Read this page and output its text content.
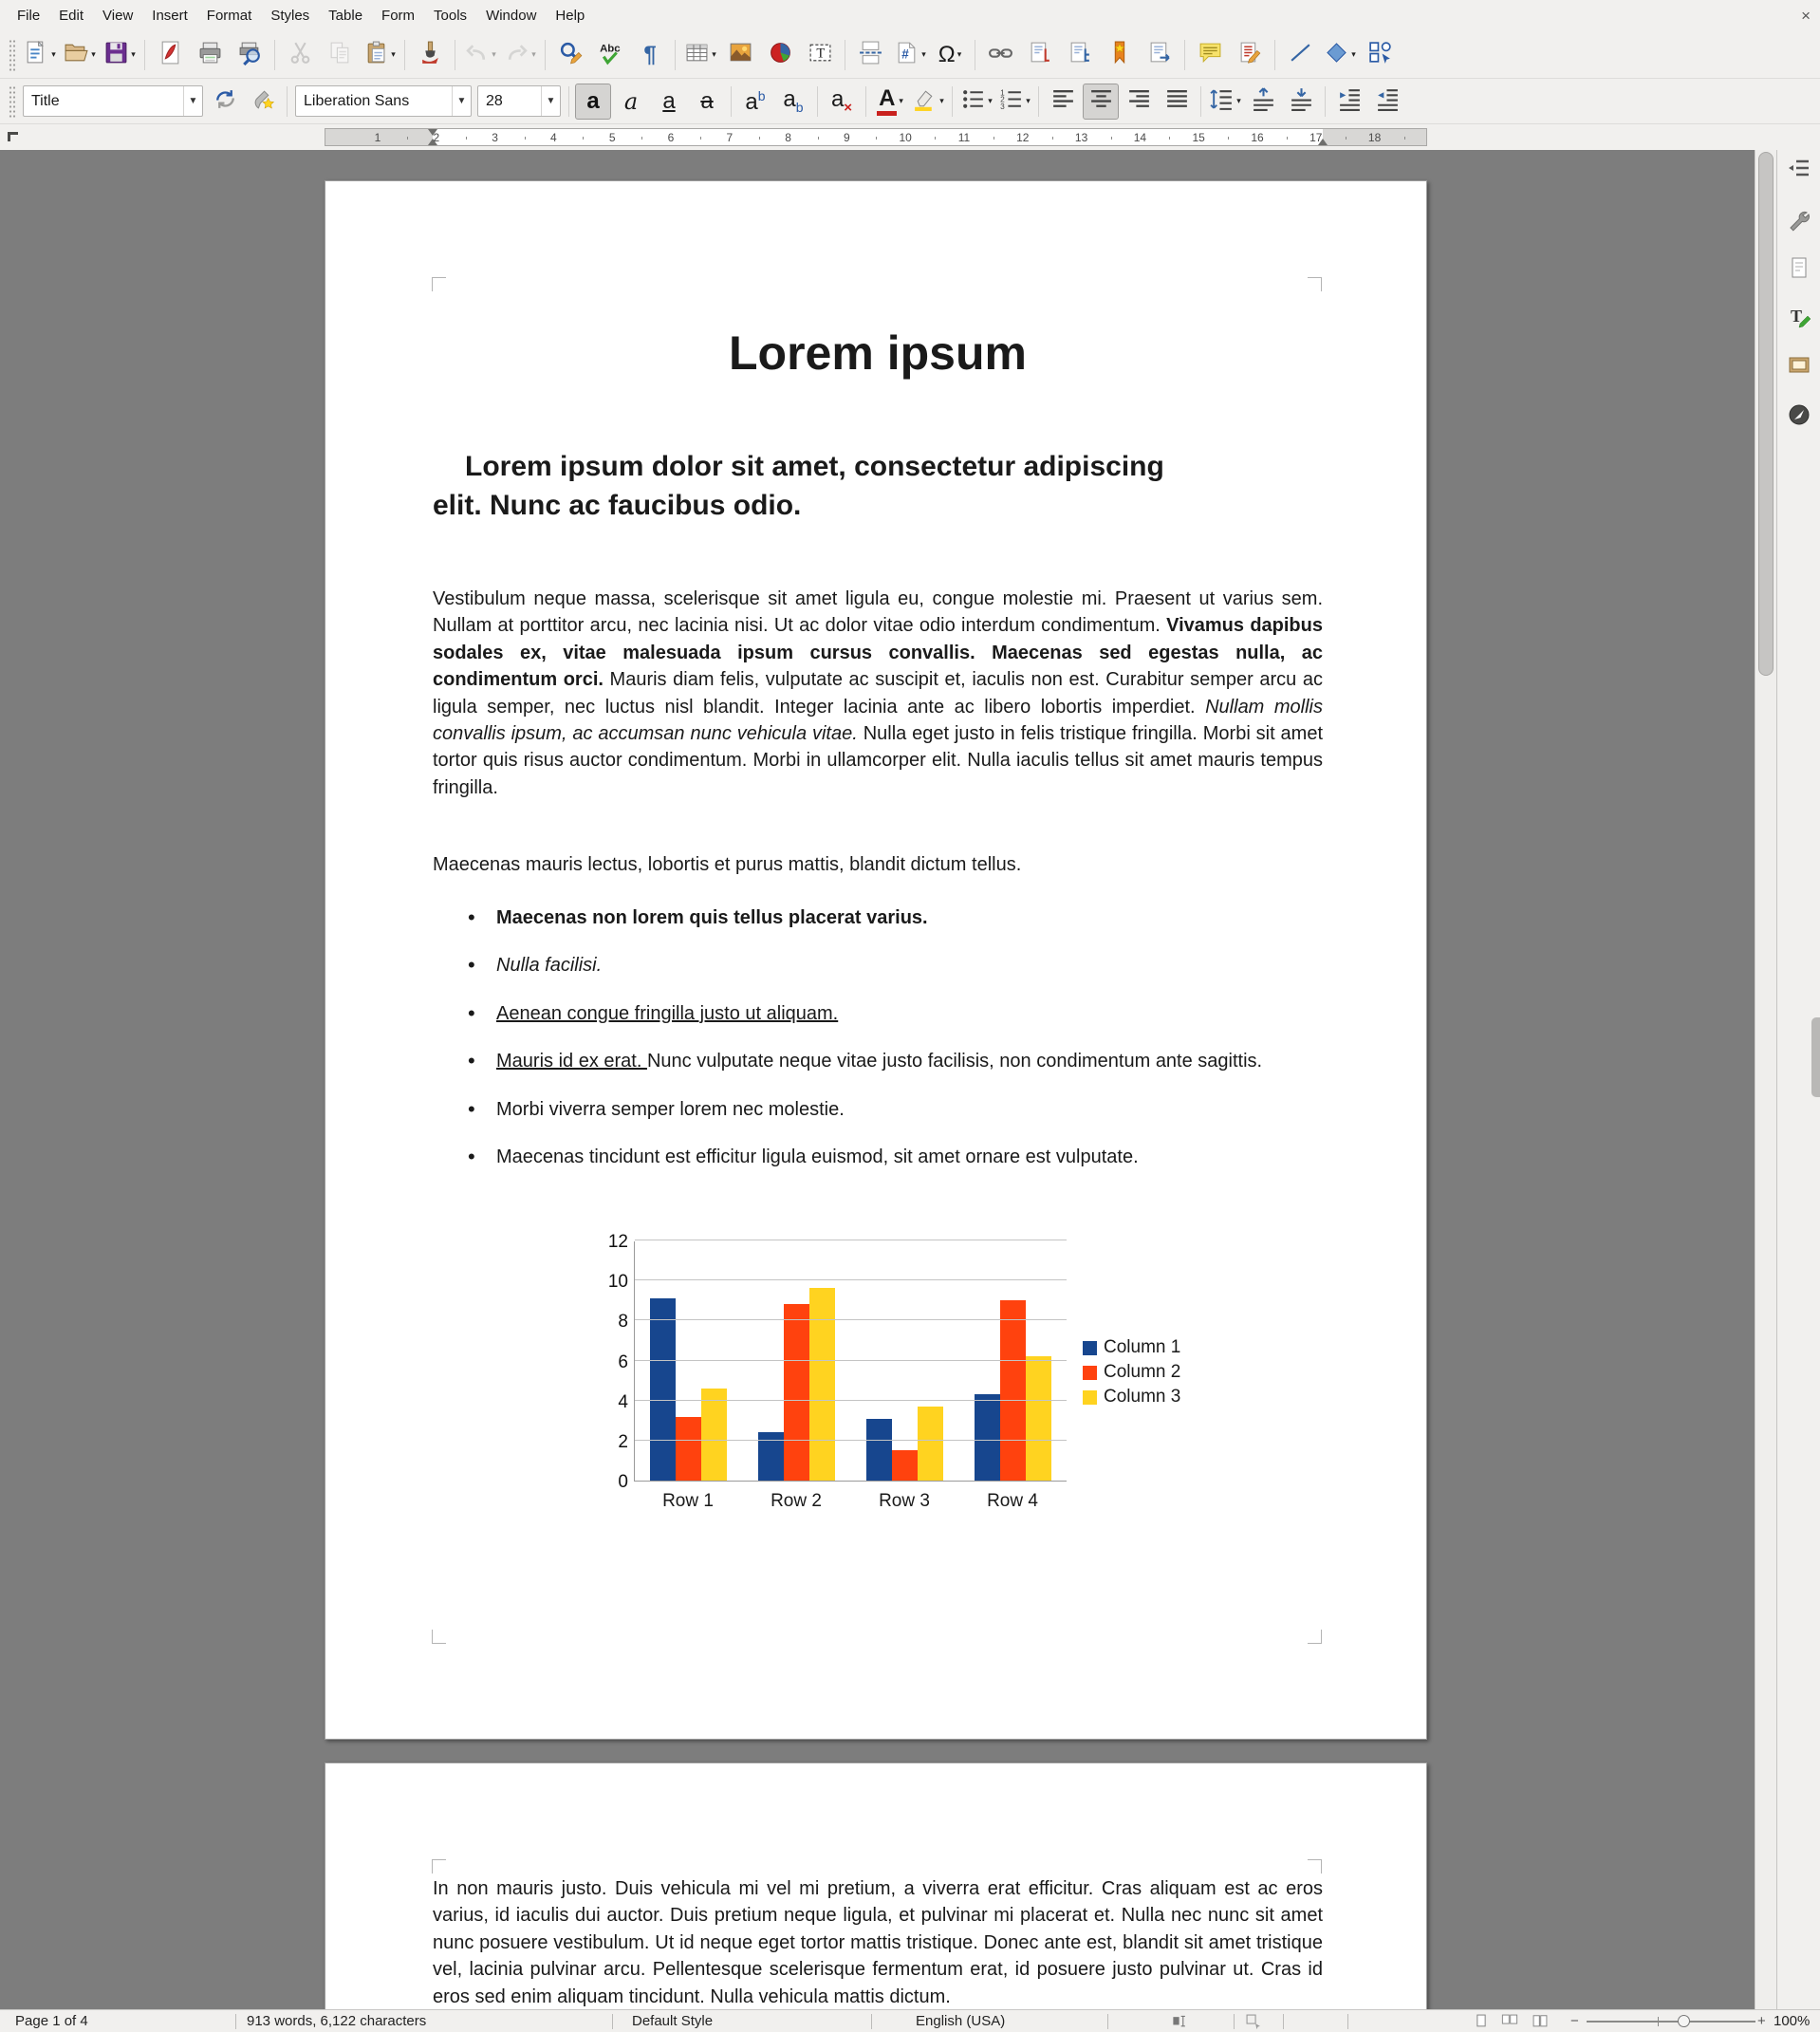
File	Edit	View	Insert	Format	Styles	Table	Form	Tools	Window	Help	×
▾	▾	▾	▾	▾	▾
Abc ¶	▾	T	# ▾ Ω ▾	▾
Title	▼	Liberation Sans	▼	28	▼ a a a a $a^b$ $a_b$ $a_\times$ A ▾	▾	▾
1
2
3
▾	▾
1	2	3	4	5	6	7	8	9	10	11	12	13	14	15	16	17	18
Lorem ipsum
Lorem ipsum dolor sit amet, consectetur adipiscing
elit. Nunc ac faucibus odio.

Vestibulum neque massa, scelerisque sit amet ligula eu, congue molestie mi. Praesent ut varius sem. Nullam at porttitor arcu, nec lacinia nisi. Ut ac dolor vitae odio interdum condimentum. Vivamus dapibus sodales ex, vitae malesuada ipsum cursus convallis. Maecenas sed egestas nulla, ac condimentum orci. Mauris diam felis, vulputate ac suscipit et, iaculis non est. Curabitur semper arcu ac ligula semper, nec luctus nisl blandit. Integer lacinia ante ac libero lobortis imperdiet. Nullam mollis convallis ipsum, ac accumsan nunc vehicula vitae. Nulla eget justo in felis tristique fringilla. Morbi sit amet tortor quis risus auctor condimentum. Morbi in ullamcorper elit. Nulla iaculis tellus sit amet mauris tempus fringilla.

Maecenas mauris lectus, lobortis et purus mattis, blandit dictum tellus.

• Maecenas non lorem quis tellus placerat varius.
• Nulla facilisi.
• Aenean congue fringilla justo ut aliquam.
• Mauris id ex erat. Nunc vulputate neque vitae justo facilisis, non condimentum ante sagittis.
• Morbi viverra semper lorem nec molestie.
• Maecenas tincidunt est efficitur ligula euismod, sit amet ornare est vulputate.
0
2
4
6
8
10
12
Row 1	Row 2	Row 3	Row 4
Column 1
Column 2
Column 3

In non mauris justo. Duis vehicula mi vel mi pretium, a viverra erat efficitur. Cras aliquam est ac eros varius, id iaculis dui auctor. Duis pretium neque ligula, et pulvinar mi placerat et. Nulla nec nunc sit amet nunc posuere vestibulum. Ut id neque eget tortor mattis tristique. Donec ante est, blandit sit amet tristique vel, lacinia pulvinar arcu. Pellentesque scelerisque fermentum erat, id posuere justo pulvinar ut. Cras id eros sed enim aliquam tincidunt. Nulla vehicula mattis dictum.

T
Page 1 of 4	913 words, 6,122 characters	Default Style	English (USA)	−	+ 100%
